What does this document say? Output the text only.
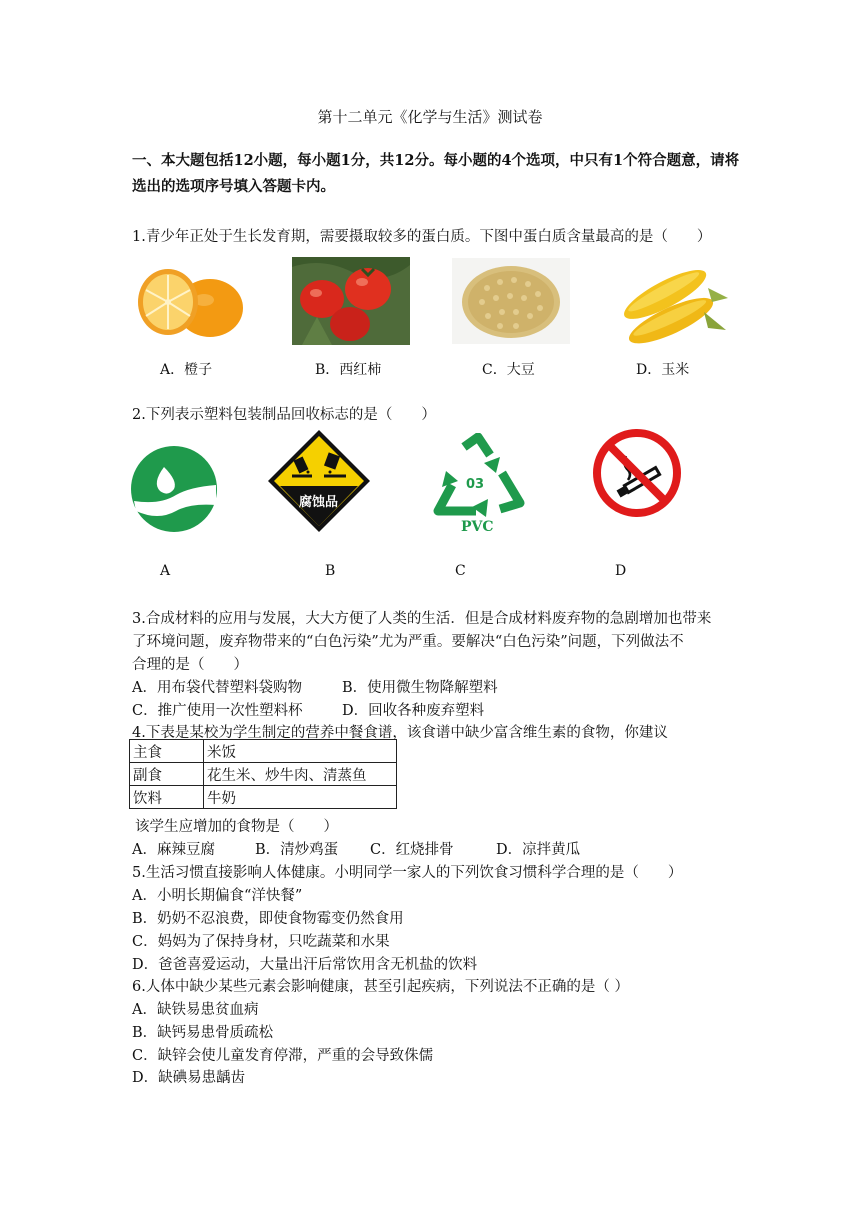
第十二单元《化学与生活》测试卷
一、本大题包括12小题，每小题1分，共12分。每小题的4个选项，中只有1个符合题意，请将选出的选项序号填入答题卡内。
1.青少年正处于生长发育期，需要摄取较多的蛋白质。下图中蛋白质含量最高的是（　　）
A．橙子	B．西红柿	C．大豆	D．玉米
2.下列表示塑料包装制品回收标志的是（　　）
腐蚀品
03
PVC
A	B	C	D
3.合成材料的应用与发展，大大方便了人类的生活．但是合成材料废弃物的急剧增加也带来
了环境问题，废弃物带来的“白色污染”尤为严重。要解决“白色污染”问题，下列做法不
合理的是（　　）
A．用布袋代替塑料袋购物	B．使用微生物降解塑料
C．推广使用一次性塑料杯	D．回收各种废弃塑料
4.下表是某校为学生制定的营养中餐食谱，该食谱中缺少富含维生素的食物，你建议
主食	米饭
副食	花生米、炒牛肉、清蒸鱼
饮料	牛奶
该学生应增加的食物是（　　）
A．麻辣豆腐	B．清炒鸡蛋 C．红烧排骨	D．凉拌黄瓜
5.生活习惯直接影响人体健康。小明同学一家人的下列饮食习惯科学合理的是（　　）
A．小明长期偏食“洋快餐”
B．奶奶不忍浪费，即使食物霉变仍然食用
C．妈妈为了保持身材，只吃蔬菜和水果
D．爸爸喜爱运动，大量出汗后常饮用含无机盐的饮料
6.人体中缺少某些元素会影响健康，甚至引起疾病，下列说法不正确的是（ ）
A．缺铁易患贫血病
B．缺钙易患骨质疏松
C．缺锌会使儿童发育停滞，严重的会导致侏儒
D．缺碘易患龋齿
